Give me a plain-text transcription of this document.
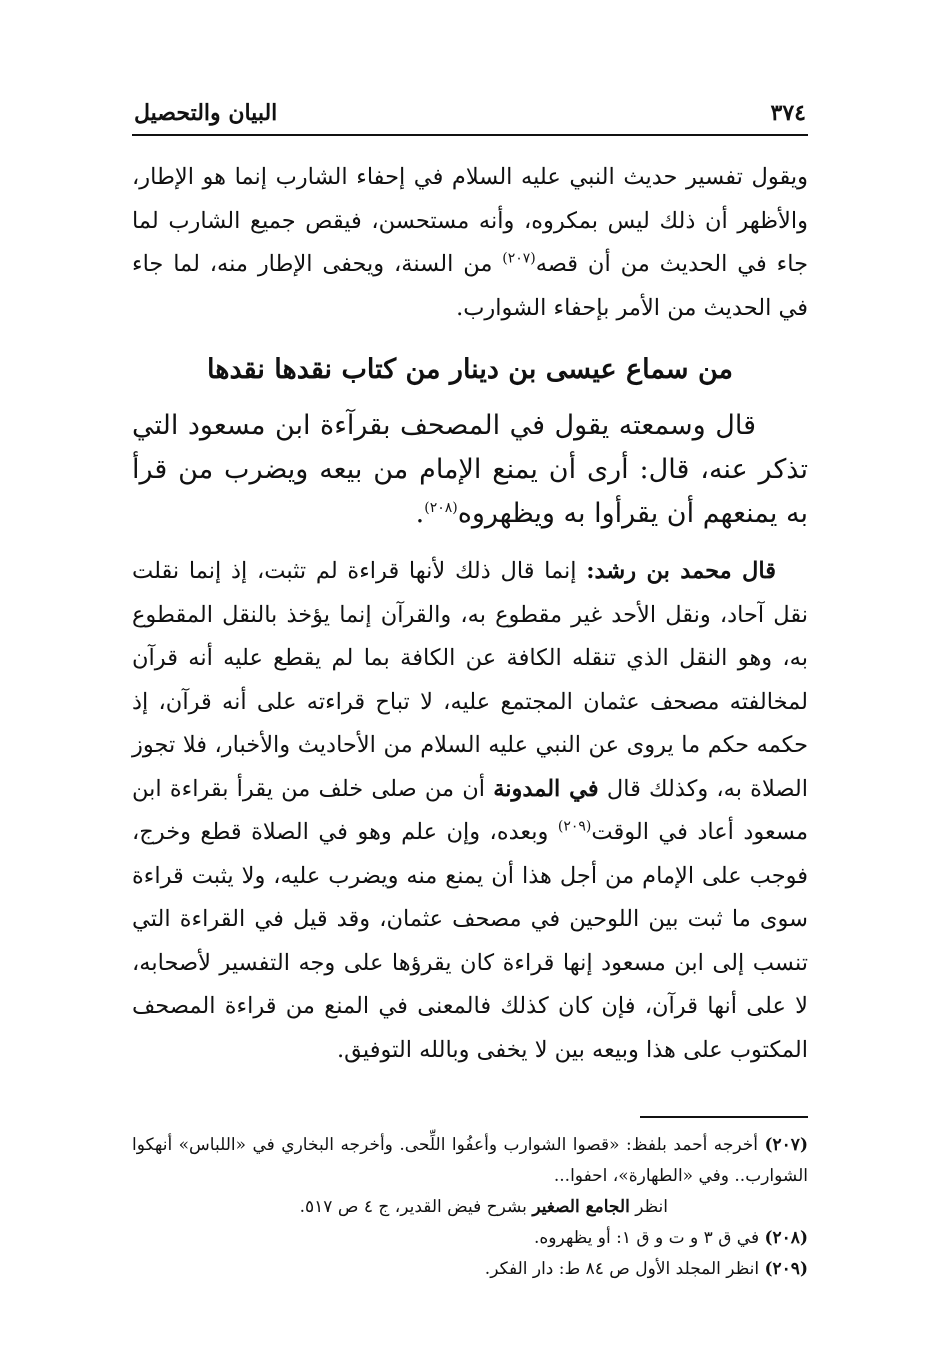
٣٧٤
البيان والتحصيل

ويقول تفسير حديث النبي عليه السلام في إحفاء الشارب إنما هو الإطار، والأظهر أن ذلك ليس بمكروه، وأنه مستحسن، فيقص جميع الشارب لما جاء في الحديث من أن قصه$^{(٢٠٧)}$ من السنة، ويحفى الإطار منه، لما جاء في الحديث من الأمر بإحفاء الشوارب.

من سماع عيسى بن دينار من كتاب نقدها نقدها

قال وسمعته يقول في المصحف بقرآءة ابن مسعود التي تذكر عنه، قال: أرى أن يمنع الإمام من بيعه ويضرب من قرأ به يمنعهم أن يقرأوا به ويظهروه$^{(٢٠٨)}$.

قال محمد بن رشد: إنما قال ذلك لأنها قراءة لم تثبت، إذ إنما نقلت نقل آحاد، ونقل الأحد غير مقطوع به، والقرآن إنما يؤخذ بالنقل المقطوع به، وهو النقل الذي تنقله الكافة عن الكافة بما لم يقطع عليه أنه قرآن لمخالفته مصحف عثمان المجتمع عليه، لا تباح قراءته على أنه قرآن، إذ حكمه حكم ما يروى عن النبي عليه السلام من الأحاديث والأخبار، فلا تجوز الصلاة به، وكذلك قال في المدونة أن من صلى خلف من يقرأ بقراءة ابن مسعود أعاد في الوقت$^{(٢٠٩)}$ وبعده، وإن علم وهو في الصلاة قطع وخرج، فوجب على الإمام من أجل هذا أن يمنع منه ويضرب عليه، ولا يثبت قراءة سوى ما ثبت بين اللوحين في مصحف عثمان، وقد قيل في القراءة التي تنسب إلى ابن مسعود إنها قراءة كان يقرؤها على وجه التفسير لأصحابه، لا على أنها قرآن، فإن كان كذلك فالمعنى في المنع من قراءة المصحف المكتوب على هذا وبيعه بين لا يخفى وبالله التوفيق.

(٢٠٧) أخرجه أحمد بلفظ: «قصوا الشوارب وأعفُوا اللِّحى. وأخرجه البخاري في «اللباس» أنهكوا الشوارب.. وفي «الطهارة»، احفوا...

انظر الجامع الصغير بشرح فيض القدير، ج ٤ ص ٥١٧.

(٢٠٨) في ق ٣ و ت و ق ١: أو يظهروه.

(٢٠٩) انظر المجلد الأول ص ٨٤ ط: دار الفكر.
